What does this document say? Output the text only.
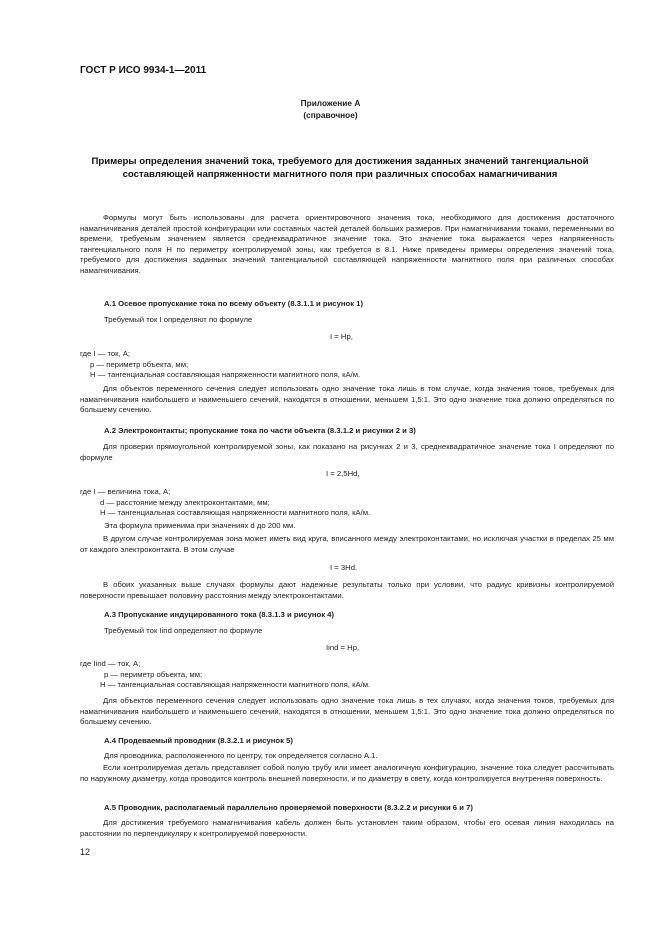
ГОСТ Р ИСО 9934-1—2011
Приложение А
(справочное)
Примеры определения значений тока, требуемого для достижения заданных значений тангенциальной составляющей напряженности магнитного поля при различных способах намагничивания

Формулы могут быть использованы для расчета ориентировочного значения тока, необходимого для достижения достаточного намагничивания деталей простой конфигурации или составных частей деталей больших размеров. При намагничивании токами, переменными во времени, требуемым значением является среднеквадратичное значение тока. Это значение тока выражается через напряженность тангенциального поля H по периметру контролируемой зоны, как требуется в 8.1. Ниже приведены примеры определения значений тока, требуемого для достижения заданных значений тангенциальной составляющей напряженности магнитного поля при различных способах намагничивания.

А.1 Осевое пропускание тока по всему объекту (8.3.1.1 и рисунок 1)
Требуемый ток I определяют по формуле
I = Hp,
где I — ток, А;
p — периметр объекта, мм;
H — тангенциальная составляющая напряженности магнитного поля, кА/м.

Для объектов переменного сечения следует использовать одно значение тока лишь в том случае, когда значения токов, требуемых для намагничивания наибольшего и наименьшего сечений, находятся в отношении, меньшем 1,5:1. Это одно значение тока должно определяться по большему сечению.

А.2 Электроконтакты; пропускание тока по части объекта (8.3.1.2 и рисунки 2 и 3)

Для проверки прямоугольной контролируемой зоны, как показано на рисунках 2 и 3, среднеквадратичное значение тока I определяют по формуле

I = 2,5Hd,
где I — величина тока, А;
d — расстояние между электроконтактами, мм;
H — тангенциальная составляющая напряженности магнитного поля, кА/м.
Эта формула применима при значениях d до 200 мм.

В другом случае контролируемая зона может иметь вид круга, вписанного между электроконтактами, но исключая участки в пределах 25 мм от каждого электроконтакта. В этом случае

I = 3Hd.

В обоих указанных выше случаях формулы дают надежные результаты только при условии, что радиус кривизны контролируемой поверхности превышает половину расстояния между электроконтактами.

А.3 Пропускание индуцированного тока (8.3.1.3 и рисунок 4)
Требуемый ток Iind определяют по формуле
Iind = Hp,
где Iind — ток, А;
p — периметр объекта, мм;
H — тангенциальная составляющая напряженности магнитного поля, кА/м.

Для объектов переменного сечения следует использовать одно значение тока лишь в тех случаях, когда значения токов, требуемых для намагничивания наибольшего и наименьшего сечений, находятся в отношении, меньшем 1,5:1. Это одно значение тока должно определяться по большему сечению.

А.4 Продеваемый проводник (8.3.2.1 и рисунок 5)
Для проводника, расположенного по центру, ток определяется согласно А.1.

Если контролируемая деталь представляет собой полую трубу или имеет аналогичную конфигурацию, значение тока следует рассчитывать по наружному диаметру, когда проводится контроль внешней поверхности, и по диаметру в свету, когда контролируется внутренняя поверхность.

А.5 Проводник, располагаемый параллельно проверяемой поверхности (8.3.2.2 и рисунки 6 и 7)

Для достижения требуемого намагничивания кабель должен быть установлен таким образом, чтобы его осевая линия находилась на расстоянии по перпендикуляру к контролируемой поверхности.

12
